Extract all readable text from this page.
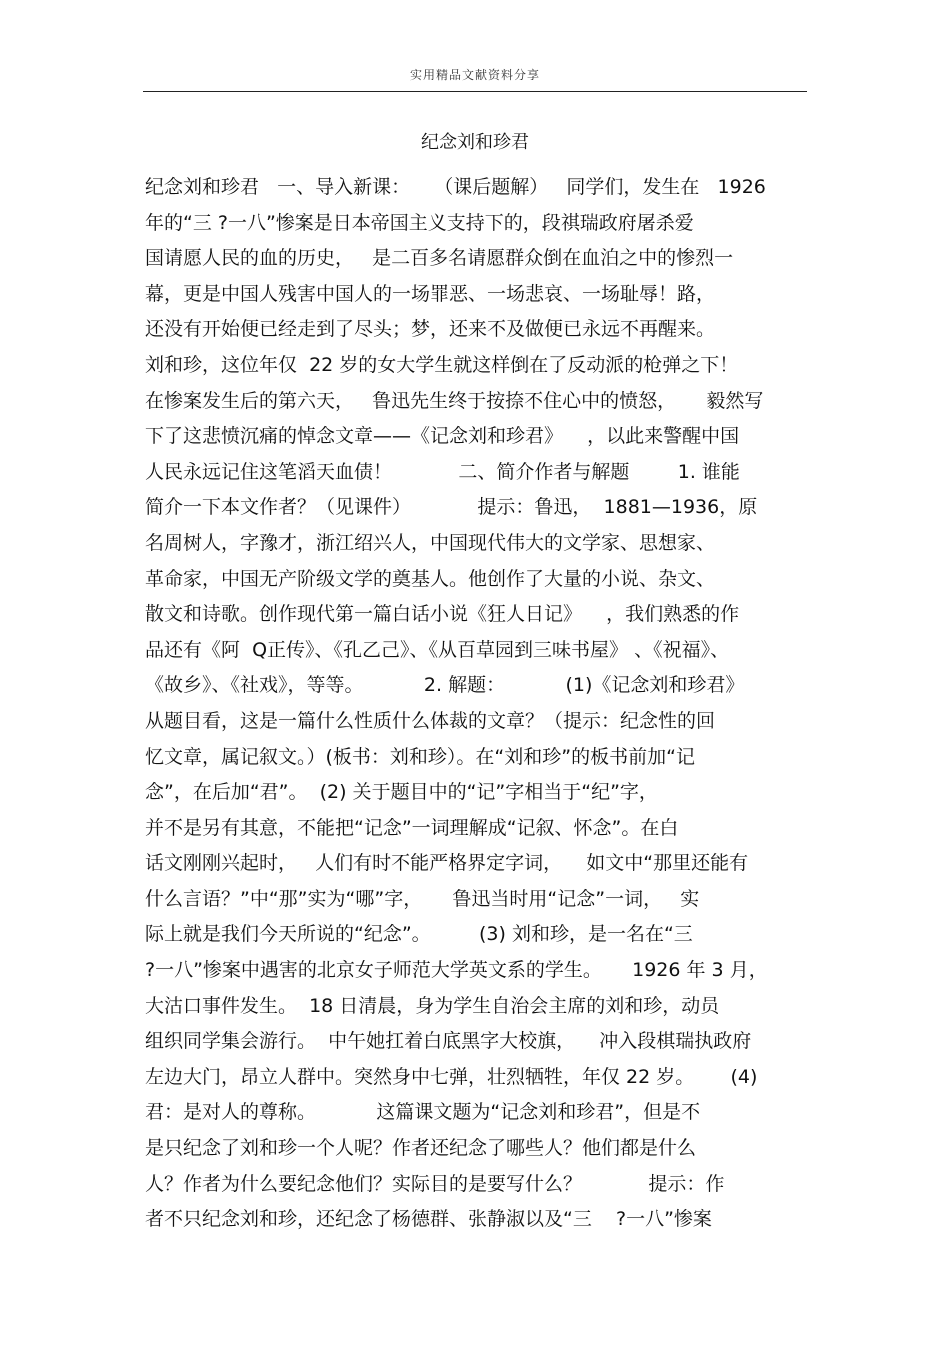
实用精品文献资料分享
纪念刘和珍君
纪念刘和珍君   一、导入新课：    （课后题解）   同学们，发生在   1926
年的“三 ?一八”惨案是日本帝国主义支持下的，段祺瑞政府屠杀爱
国请愿人民的血的历史，   是二百多名请愿群众倒在血泊之中的惨烈一
幕，更是中国人残害中国人的一场罪恶、一场悲哀、一场耻辱！路，
还没有开始便已经走到了尽头；梦，还来不及做便已永远不再醒来。
刘和珍，这位年仅  22 岁的女大学生就这样倒在了反动派的枪弹之下！
在惨案发生后的第六天，   鲁迅先生终于按捺不住心中的愤怒，     毅然写
下了这悲愤沉痛的悼念文章——《记念刘和珍君》    ，以此来警醒中国
人民永远记住这笔滔天血债！           二、简介作者与解题        1. 谁能
简介一下本文作者？（见课件）           提示：鲁迅，  1881—1936，原
名周树人，字豫才，浙江绍兴人，中国现代伟大的文学家、思想家、
革命家，中国无产阶级文学的奠基人。他创作了大量的小说、杂文、
散文和诗歌。创作现代第一篇白话小说《狂人日记》    ，我们熟悉的作
品还有《阿  Q正传》、《孔乙己》、《从百草园到三味书屋》 、《祝福》、
《故乡》、《社戏》，等等。          2. 解题：          (1)《记念刘和珍君》
从题目看，这是一篇什么性质什么体裁的文章？（提示：纪念性的回
忆文章，属记叙文。）(板书：刘和珍）。在“刘和珍”的板书前加“记
念”，在后加“君”。  (2) 关于题目中的“记”字相当于“纪”字，
并不是另有其意，不能把“记念”一词理解成“记叙、怀念”。在白
话文刚刚兴起时，   人们有时不能严格界定字词，    如文中“那里还能有
什么言语？”中“那”实为“哪”字，     鲁迅当时用“记念”一词，   实
际上就是我们今天所说的“纪念”。        (3) 刘和珍，是一名在“三
?一八”惨案中遇害的北京女子师范大学英文系的学生。     1926 年 3 月，
大沽口事件发生。  18 日清晨，身为学生自治会主席的刘和珍，动员
组织同学集会游行。  中午她扛着白底黑字大校旗，    冲入段棋瑞执政府
左边大门，昂立人群中。突然身中七弹，壮烈牺牲，年仅 22 岁。      (4)
君：是对人的尊称。          这篇课文题为“记念刘和珍君”，但是不
是只纪念了刘和珍一个人呢？作者还纪念了哪些人？他们都是什么
人？作者为什么要纪念他们？实际目的是要写什么？           提示：作
者不只纪念刘和珍，还纪念了杨德群、张静淑以及“三    ?一八”惨案
